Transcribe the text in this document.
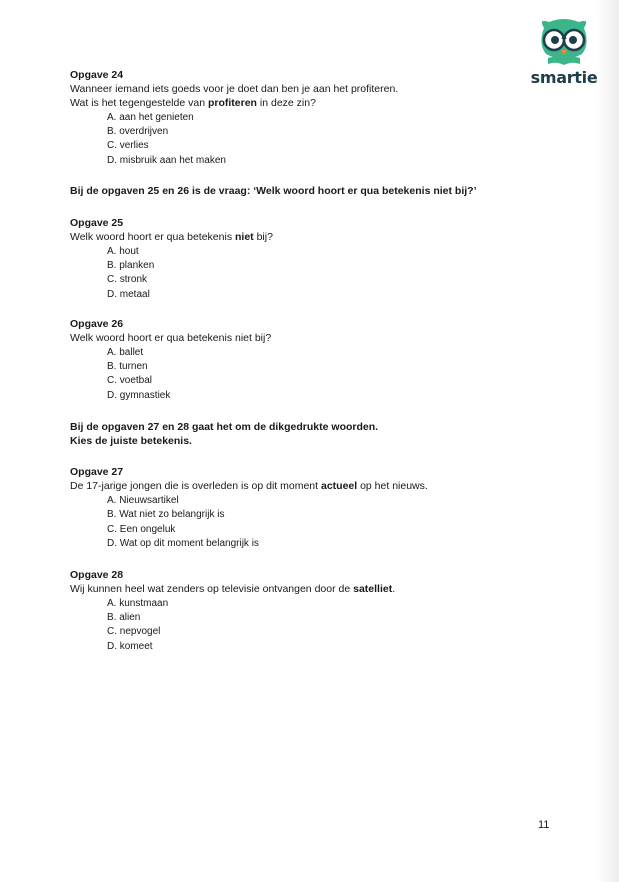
smartie
Opgave 24
Wanneer iemand iets goeds voor je doet dan ben je aan het profiteren.
Wat is het tegengestelde van profiteren in deze zin?
A. aan het genieten
B. overdrijven
C. verlies
D. misbruik aan het maken
Bij de opgaven 25 en 26 is de vraag: ‘Welk woord hoort er qua betekenis niet bij?’
Opgave 25
Welk woord hoort er qua betekenis niet bij?
A. hout
B. planken
C. stronk
D. metaal
Opgave 26
Welk woord hoort er qua betekenis niet bij?
A. ballet
B. turnen
C. voetbal
D. gymnastiek
Bij de opgaven 27 en 28 gaat het om de dikgedrukte woorden.
Kies de juiste betekenis.
Opgave 27
De 17-jarige jongen die is overleden is op dit moment actueel op het nieuws.
A. Nieuwsartikel
B. Wat niet zo belangrijk is
C. Een ongeluk
D. Wat op dit moment belangrijk is
Opgave 28
Wij kunnen heel wat zenders op televisie ontvangen door de satelliet.
A. kunstmaan
B. alien
C. nepvogel
D. komeet
11
